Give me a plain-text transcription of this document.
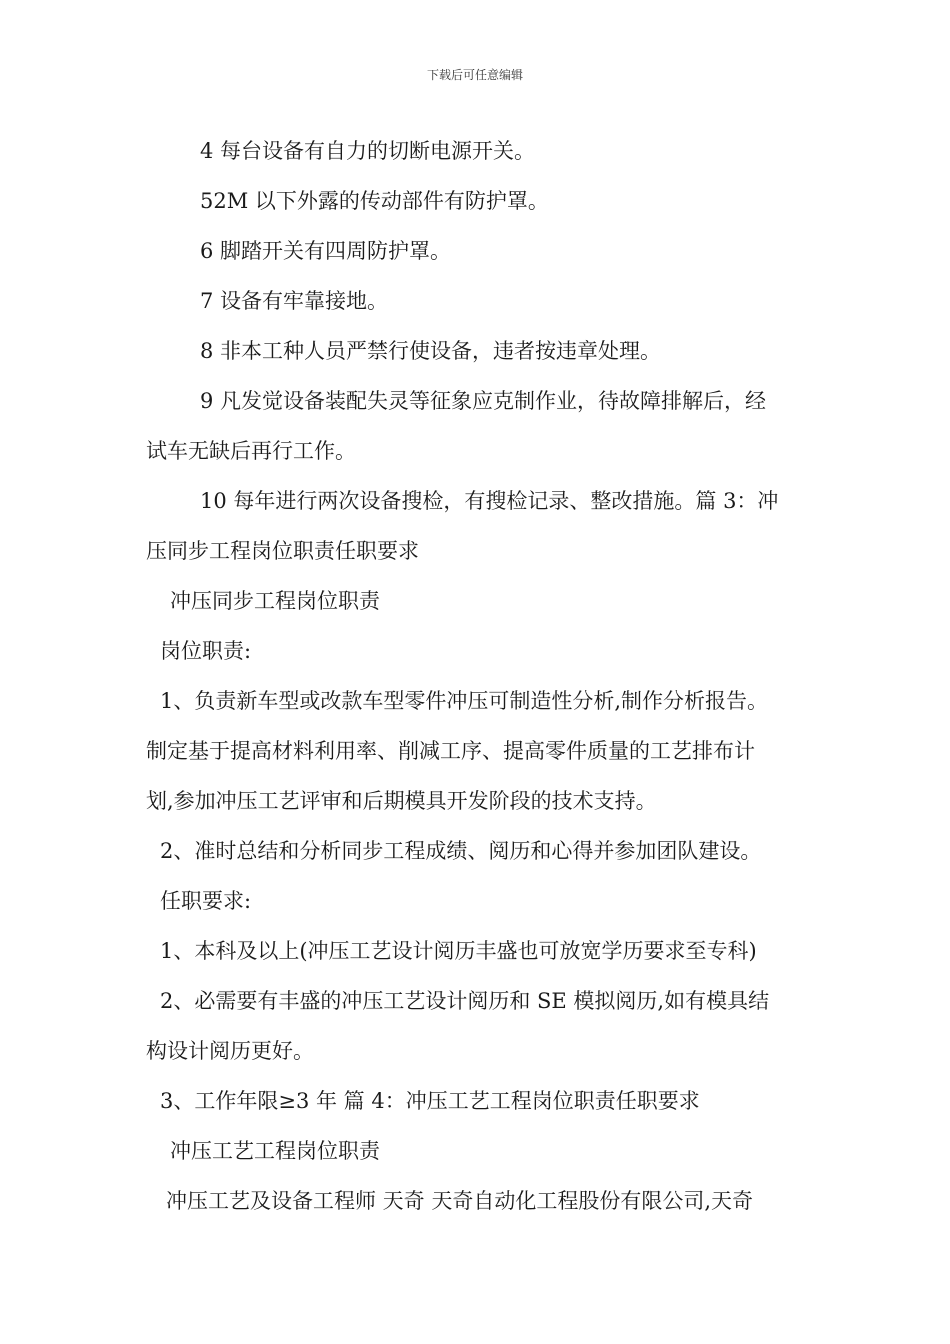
下载后可任意编辑
4 每台设备有自力的切断电源开关。
52M 以下外露的传动部件有防护罩。
6 脚踏开关有四周防护罩。
7 设备有牢靠接地。
8 非本工种人员严禁行使设备，违者按违章处理。
9 凡发觉设备装配失灵等征象应克制作业，待故障排解后，经
试车无缺后再行工作。
10 每年进行两次设备搜检，有搜检记录、整改措施。篇 3：冲
压同步工程岗位职责任职要求
冲压同步工程岗位职责
岗位职责:
1、负责新车型或改款车型零件冲压可制造性分析,制作分析报告。
制定基于提高材料利用率、削减工序、提高零件质量的工艺排布计
划,参加冲压工艺评审和后期模具开发阶段的技术支持。
2、准时总结和分析同步工程成绩、阅历和心得并参加团队建设。
任职要求:
1、本科及以上(冲压工艺设计阅历丰盛也可放宽学历要求至专科)
2、必需要有丰盛的冲压工艺设计阅历和 SE 模拟阅历,如有模具结
构设计阅历更好。
3、工作年限≥3 年 篇 4：冲压工艺工程岗位职责任职要求
冲压工艺工程岗位职责
冲压工艺及设备工程师 天奇 天奇自动化工程股份有限公司,天奇
